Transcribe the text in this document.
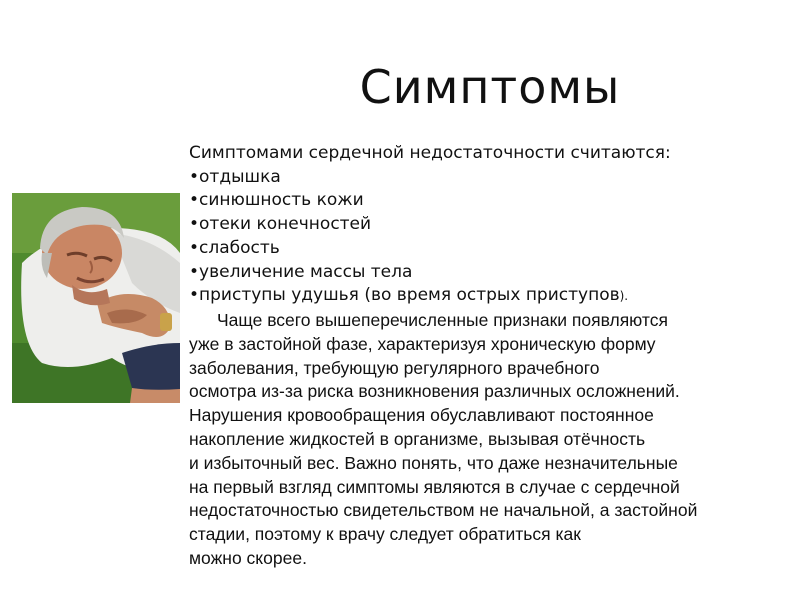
Симптомы
Симптомами сердечной недостаточности считаются:
•отдышка
•синюшность кожи
•отеки конечностей
•слабость
•увеличение массы тела
•приступы удушья (во время острых приступов).
Чаще всего вышеперечисленные признаки появляются
уже в застойной фазе, характеризуя хроническую форму
заболевания, требующую регулярного врачебного
осмотра из-за риска возникновения различных осложнений.
Нарушения кровообращения обуславливают постоянное
накопление жидкостей в организме, вызывая отёчность
и избыточный вес. Важно понять, что даже незначительные
на первый взгляд симптомы являются в случае с сердечной
недостаточностью свидетельством не начальной, а застойной
стадии, поэтому к врачу следует обратиться как
можно скорее.
